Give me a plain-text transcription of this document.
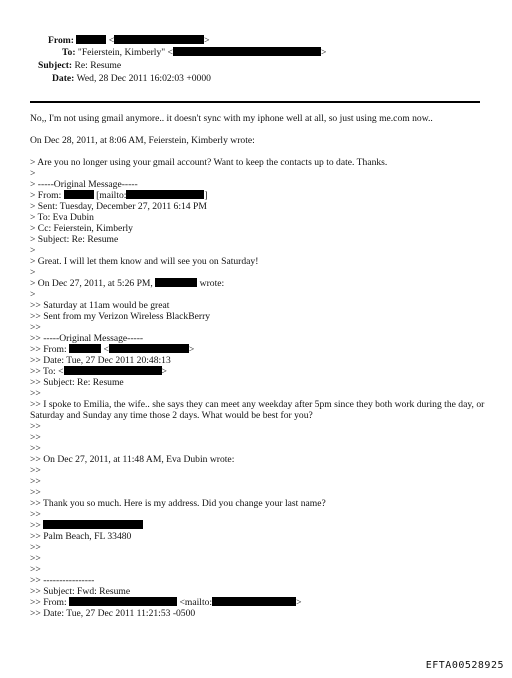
From:	<	>
To: "Feierstein, Kimberly" <	>
Subject: Re: Resume
Date: Wed, 28 Dec 2011 16:02:03 +0000
No,, I'm not using gmail anymore.. it doesn't sync with my iphone well at all, so just using me.com now..
On Dec 28, 2011, at 8:06 AM, Feierstein, Kimberly wrote:
> Are you no longer using your gmail account? Want to keep the contacts up to date. Thanks.
>
> -----Original Message-----
> From:	[mailto:	]
> Sent: Tuesday, December 27, 2011 6:14 PM
> To: Eva Dubin
> Cc: Feierstein, Kimberly
> Subject: Re: Resume
>
> Great. I will let them know and will see you on Saturday!
>
> On Dec 27, 2011, at 5:26 PM,	wrote:
>
>> Saturday at 11am would be great
>> Sent from my Verizon Wireless BlackBerry
>>
>> -----Original Message-----
>> From:	<	>
>> Date: Tue, 27 Dec 2011 20:48:13
>> To: <	>
>> Subject: Re: Resume
>>
>> I spoke to Emilia, the wife.. she says they can meet any weekday after 5pm since they both work during the day, or Saturday and Sunday any time those 2 days. What would be best for you?
>>
>>
>>
>> On Dec 27, 2011, at 11:48 AM, Eva Dubin wrote:
>>
>>
>>
>> Thank you so much. Here is my address. Did you change your last name?
>>
>>
>> Palm Beach, FL 33480
>>
>>
>>
>> ----------------
>> Subject: Fwd: Resume
>> From:	<mailto:	>
>> Date: Tue, 27 Dec 2011 11:21:53 -0500
EFTA00528925
